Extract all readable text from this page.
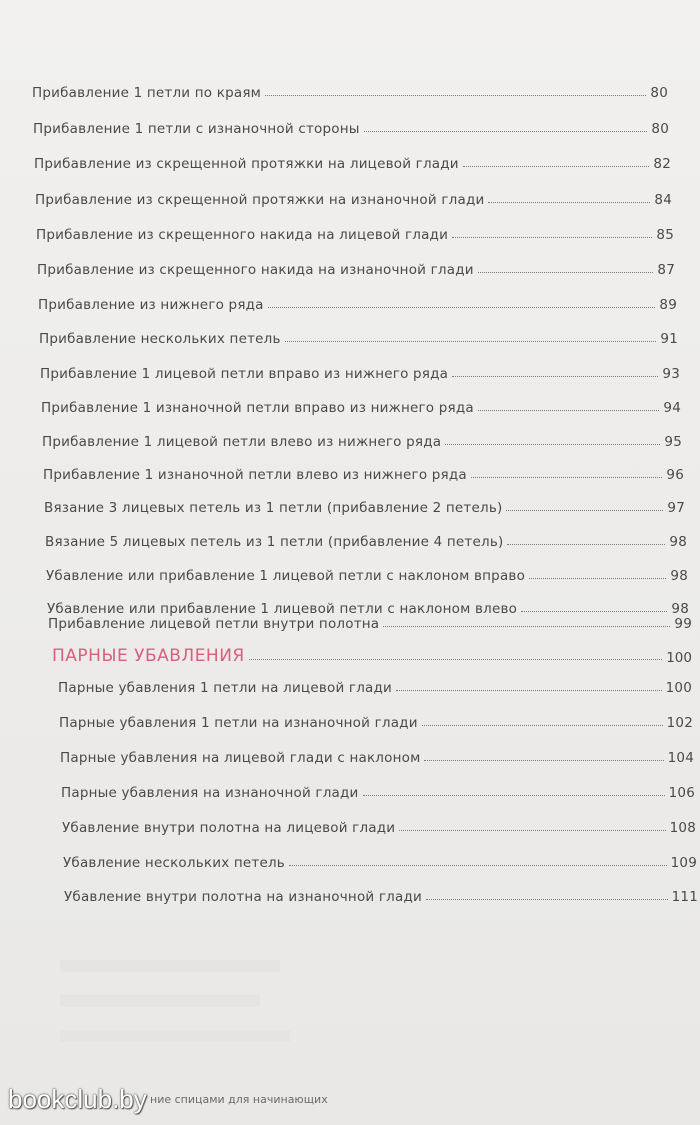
Прибавление 1 петли по краям	80
Прибавление 1 петли с изнаночной стороны	80
Прибавление из скрещенной протяжки на лицевой глади	82
Прибавление из скрещенной протяжки на изнаночной глади	84
Прибавление из скрещенного накида на лицевой глади	85
Прибавление из скрещенного накида на изнаночной глади	87
Прибавление из нижнего ряда	89
Прибавление нескольких петель	91
Прибавление 1 лицевой петли вправо из нижнего ряда	93
Прибавление 1 изнаночной петли вправо из нижнего ряда	94
Прибавление 1 лицевой петли влево из нижнего ряда	95
Прибавление 1 изнаночной петли влево из нижнего ряда	96
Вязание 3 лицевых петель из 1 петли (прибавление 2 петель)	97
Вязание 5 лицевых петель из 1 петли (прибавление 4 петель)	98
Убавление или прибавление 1 лицевой петли с наклоном вправо	98
Убавление или прибавление 1 лицевой петли с наклоном влево	98
Прибавление лицевой петли внутри полотна	99
ПАРНЫЕ УБАВЛЕНИЯ	100
Парные убавления 1 петли на лицевой глади	100
Парные убавления 1 петли на изнаночной глади	102
Парные убавления на лицевой глади с наклоном	104
Парные убавления на изнаночной глади	106
Убавление внутри полотна на лицевой глади	108
Убавление нескольких петель	109
Убавление внутри полотна на изнаночной глади	111
bookclub.by ние спицами для начинающих
